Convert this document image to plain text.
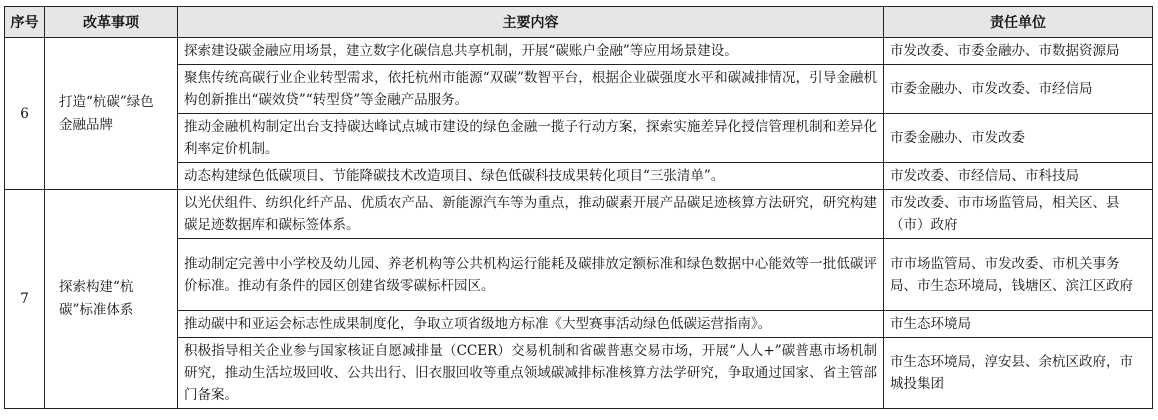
序号	改革事项	主要内容	责任单位
6	打造“杭碳”绿色金融品牌	探索建设碳金融应用场景，建立数字化碳信息共享机制，开展“碳账户金融”等应用场景建设。	市发改委、市委金融办、市数据资源局
		聚焦传统高碳行业企业转型需求，依托杭州市能源“双碳”数智平台，根据企业碳强度水平和碳减排情况，引导金融机构创新推出“碳效贷”“转型贷”等金融产品服务。	市委金融办、市发改委、市经信局
		推动金融机构制定出台支持碳达峰试点城市建设的绿色金融一揽子行动方案，探索实施差异化授信管理机制和差异化利率定价机制。	市委金融办、市发改委
		动态构建绿色低碳项目、节能降碳技术改造项目、绿色低碳科技成果转化项目“三张清单”。	市发改委、市经信局、市科技局
7	探索构建“杭碳”标准体系	以光伏组件、纺织化纤产品、优质农产品、新能源汽车等为重点，推动碳素开展产品碳足迹核算方法研究，研究构建碳足迹数据库和碳标签体系。	市发改委、市市场监管局，相关区、县（市）政府
		推动制定完善中小学校及幼儿园、养老机构等公共机构运行能耗及碳排放定额标准和绿色数据中心能效等一批低碳评价标准。推动有条件的园区创建省级零碳标杆园区。	市市场监管局、市发改委、市机关事务局、市生态环境局，钱塘区、滨江区政府
		推动碳中和亚运会标志性成果制度化，争取立项省级地方标准《大型赛事活动绿色低碳运营指南》。	市生态环境局
		积极指导相关企业参与国家核证自愿减排量（CCER）交易机制和省碳普惠交易市场，开展“人人+”碳普惠市场机制研究，推动生活垃圾回收、公共出行、旧衣服回收等重点领域碳减排标准核算方法学研究，争取通过国家、省主管部门备案。	市生态环境局，淳安县、余杭区政府，市城投集团
